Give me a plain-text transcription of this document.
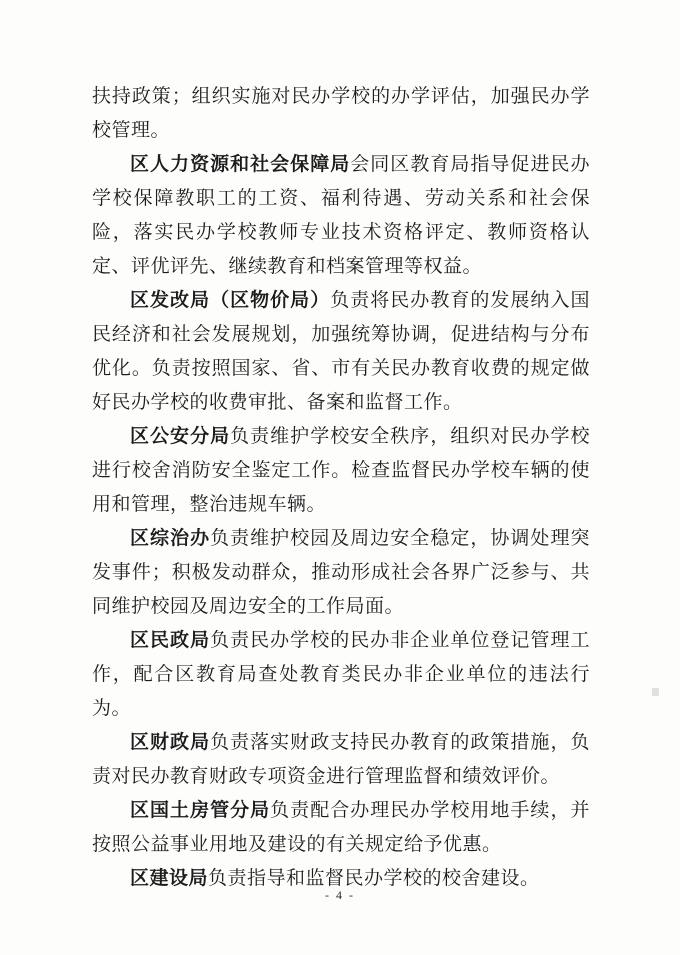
扶持政策；组织实施对民办学校的办学评估，加强民办学校管理。

区人力资源和社会保障局会同区教育局指导促进民办学校保障教职工的工资、福利待遇、劳动关系和社会保险，落实民办学校教师专业技术资格评定、教师资格认定、评优评先、继续教育和档案管理等权益。

区发改局（区物价局）负责将民办教育的发展纳入国民经济和社会发展规划，加强统筹协调，促进结构与分布优化。负责按照国家、省、市有关民办教育收费的规定做好民办学校的收费审批、备案和监督工作。

区公安分局负责维护学校安全秩序，组织对民办学校进行校舍消防安全鉴定工作。检查监督民办学校车辆的使用和管理，整治违规车辆。

区综治办负责维护校园及周边安全稳定，协调处理突发事件；积极发动群众，推动形成社会各界广泛参与、共同维护校园及周边安全的工作局面。

区民政局负责民办学校的民办非企业单位登记管理工作，配合区教育局查处教育类民办非企业单位的违法行为。

区财政局负责落实财政支持民办教育的政策措施，负责对民办教育财政专项资金进行管理监督和绩效评价。

区国土房管分局负责配合办理民办学校用地手续，并按照公益事业用地及建设的有关规定给予优惠。

区建设局负责指导和监督民办学校的校舍建设。

- 4 -
